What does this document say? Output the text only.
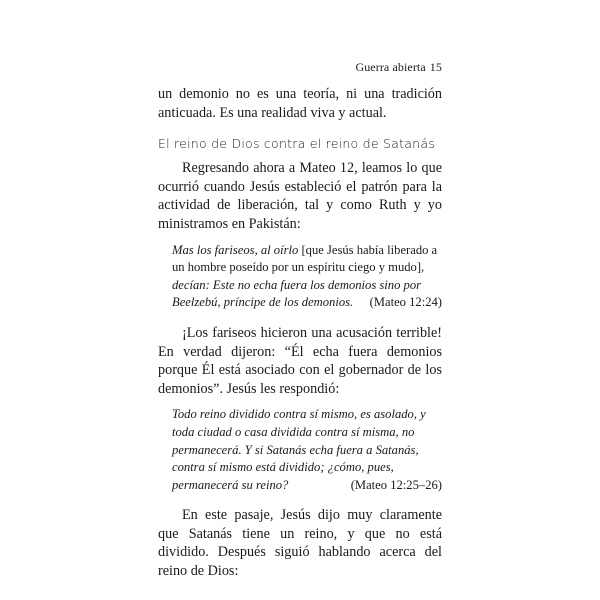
Guerra abierta 15

un demonio no es una teoría, ni una tradición anticuada. Es una realidad viva y actual.

El reino de Dios contra el reino de Satanás

Regresando ahora a Mateo 12, leamos lo que ocurrió cuando Jesús estableció el patrón para la actividad de liberación, tal y como Ruth y yo ministramos en Pakistán:

Mas los fariseos, al oírlo [que Jesús había liberado a un hombre poseído por un espíritu ciego y mudo], decían: Este no echa fuera los demonios sino por Beelzebú, príncipe de los demonios. (Mateo 12:24)

¡Los fariseos hicieron una acusación terrible! En verdad dijeron: “Él echa fuera demonios porque Él está asociado con el gobernador de los demonios”. Jesús les respondió:

Todo reino dividido contra sí mismo, es asolado, y toda ciudad o casa dividida contra sí misma, no permanecerá. Y si Satanás echa fuera a Satanás, contra sí mismo está dividido; ¿cómo, pues, permanecerá su reino?	(Mateo 12:25–26)

En este pasaje, Jesús dijo muy claramente que Satanás tiene un reino, y que no está dividido. Después siguió hablando acerca del reino de Dios:
